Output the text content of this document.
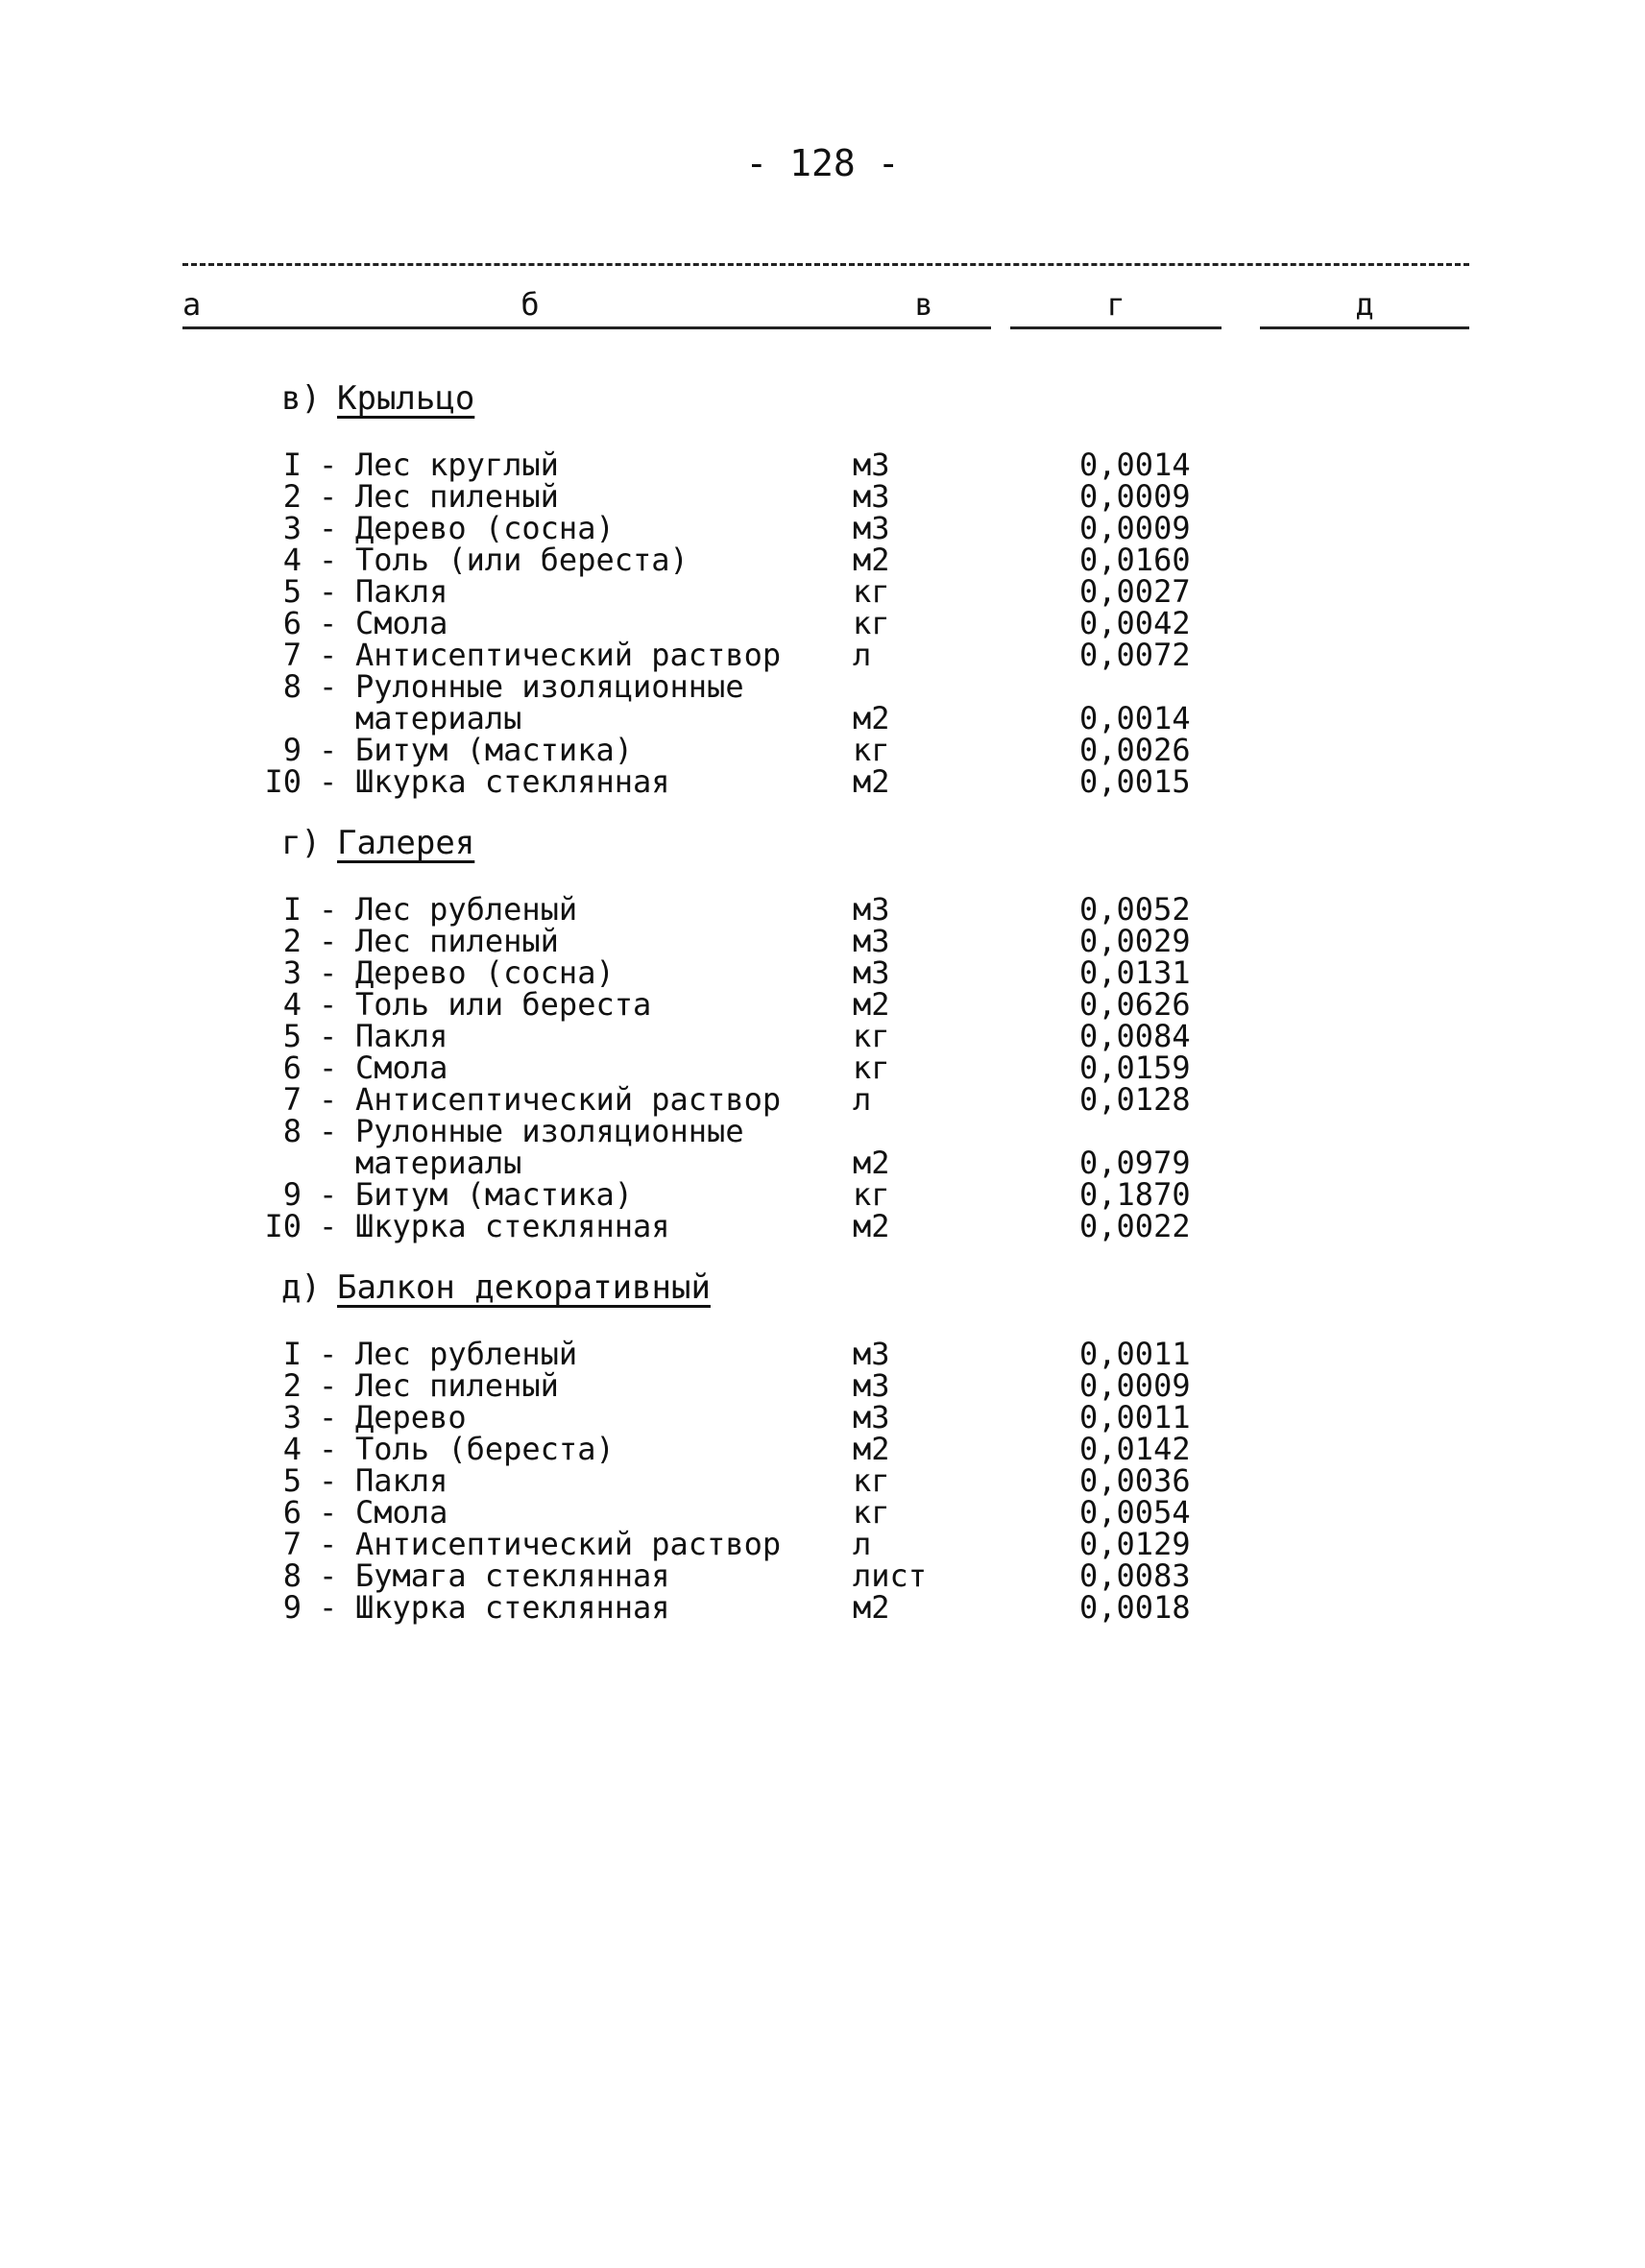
- 128 -
а	б	в	г	д
в) Крыльцо
-
I Лес круглый	м3	0,0014
-
2 Лес пиленый	м3	0,0009
-
3 Дерево (сосна)	м3	0,0009
-
4 Толь (или береста)	м2	0,0160
-
5 Пакля	кг	0,0027
-
6 Смола	кг	0,0042
-
7 Антисептический раствор л	0,0072
-
8 Рулонные изоляционные
материалы	м2	0,0014
-
9 Битум (мастика)	кг	0,0026
-
I0 Шкурка стеклянная	м2	0,0015
г) Галерея
-
I Лес рубленый	м3	0,0052
-
2 Лес пиленый	м3	0,0029
-
3 Дерево (сосна)	м3	0,0131
-
4 Толь или береста	м2	0,0626
-
5 Пакля	кг	0,0084
-
6 Смола	кг	0,0159
-
7 Антисептический раствор л	0,0128
-
8 Рулонные изоляционные
материалы	м2	0,0979
-
9 Битум (мастика)	кг	0,1870
-
I0 Шкурка стеклянная	м2	0,0022
д) Балкон декоративный
-
I Лес рубленый	м3	0,0011
-
2 Лес пиленый	м3	0,0009
-
3 Дерево	м3	0,0011
-
4 Толь (береста)	м2	0,0142
-
5 Пакля	кг	0,0036
-
6 Смола	кг	0,0054
-
7 Антисептический раствор л	0,0129
-
8 Бумага стеклянная	лист	0,0083
-
9 Шкурка стеклянная	м2	0,0018
